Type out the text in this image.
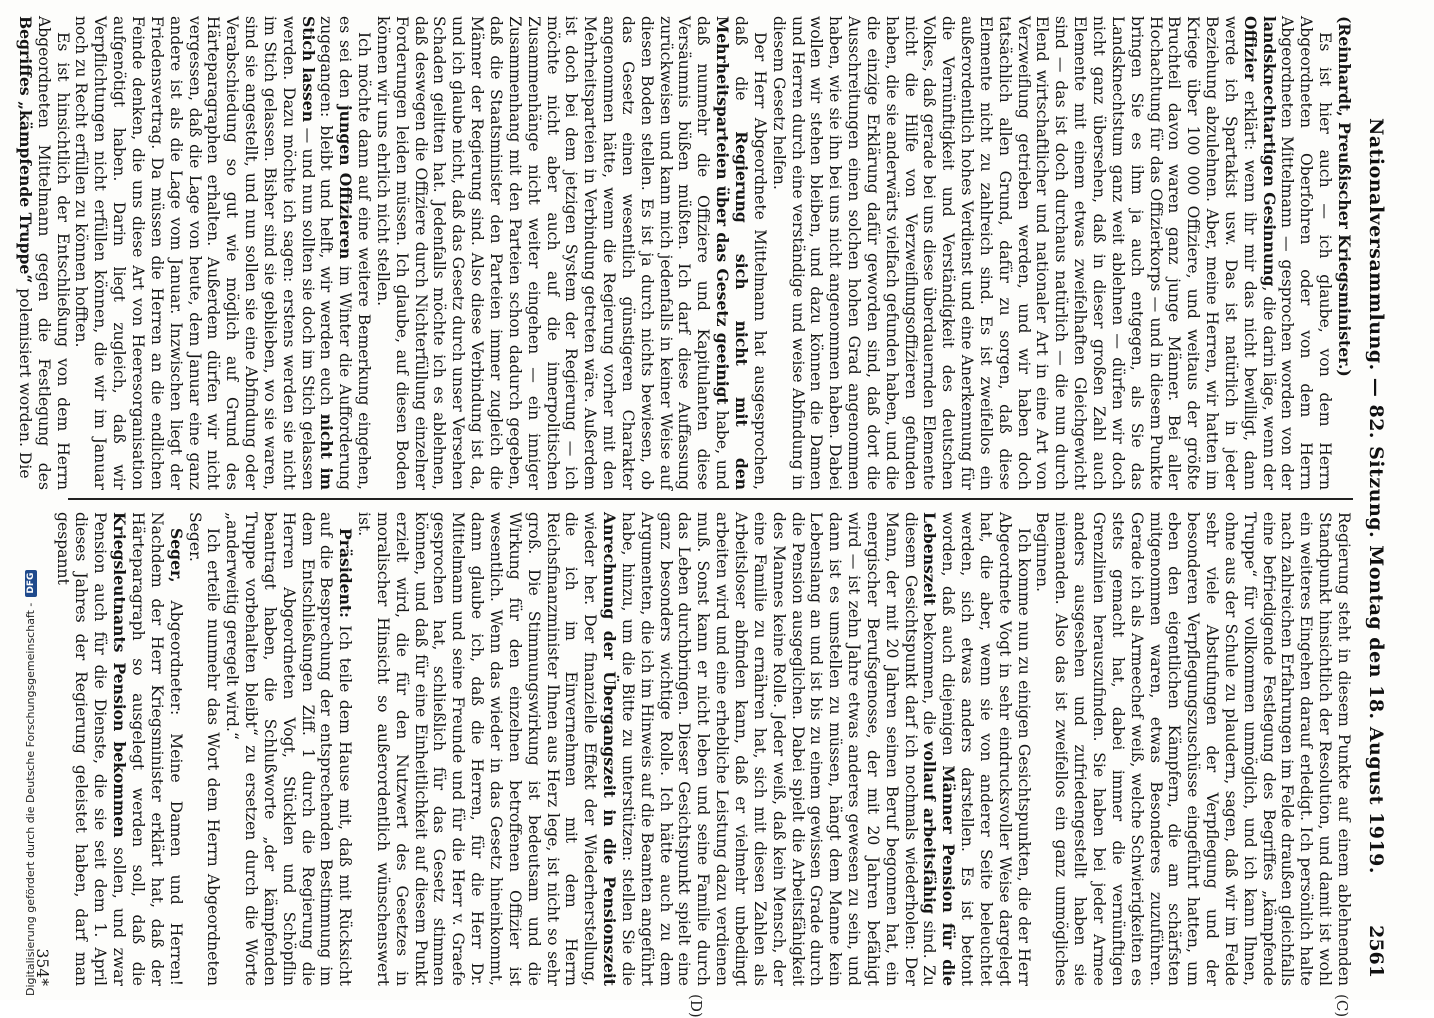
Nationalversammlung. — 82. Sitzung. Montag den 18. August 1919.
2561
(C)
(D)

(Reinhardt, Preußischer Kriegsminister.)

Es ist hier auch — ich glaube, von dem Herrn Abgeordneten Oberfohren oder von dem Herrn Abgeordneten Mittelmann — gesprochen worden von der landsknechtartigen Gesinnung, die darin läge, wenn der Offizier erklärt: wenn ihr mir das nicht bewilligt, dann werde ich Spartakist usw. Das ist natürlich in jeder Beziehung abzulehnen. Aber, meine Herren, wir hatten im Kriege über 100 000 Offiziere, und weitaus der größte Bruchteil davon waren ganz junge Männer. Bei aller Hochachtung für das Offizierkorps — und in diesem Punkte bringen Sie es ihm ja auch entgegen, als Sie das Landsknechtstum ganz weit ablehnen — dürfen wir doch nicht ganz übersehen, daß in dieser großen Zahl auch Elemente mit einem etwas zweifelhaften Gleichgewicht sind — das ist doch durchaus natürlich — die nun durch Elend wirtschaftlicher und nationaler Art in eine Art von Verzweiflung getrieben werden, und wir haben doch tatsächlich allen Grund, dafür zu sorgen, daß diese Elemente nicht zu zahlreich sind. Es ist zweifellos ein außerordentlich hohes Verdienst und eine Anerkennung für die Vernünftigkeit und Verständigkeit des deutschen Volkes, daß gerade bei uns diese überdauernden Elemente nicht die Hilfe von Verzweiflungsoffizieren gefunden haben, die sie anderwärts vielfach gefunden haben, und die die einzige Erklärung dafür geworden sind, daß dort die Ausschreitungen einen solchen hohen Grad angenommen haben, wie sie ihn bei uns nicht angenommen haben. Dabei wollen wir stehen bleiben, und dazu können die Damen und Herren durch eine verständige und weise Abfindung in diesem Gesetz helfen.

Der Herr Abgeordnete Mittelmann hat ausgesprochen, daß die Regierung sich nicht mit den Mehrheitsparteien über das Gesetz geeinigt habe, und daß nunmehr die Offiziere und Kapitulanten diese Versäumnis büßen müßten. Ich darf diese Auffassung zurückweisen und kann mich jedenfalls in keiner Weise auf diesen Boden stellen. Es ist ja durch nichts bewiesen, ob das Gesetz einen wesentlich günstigeren Charakter angenommen hätte, wenn die Regierung vorher mit den Mehrheitsparteien in Verbindung getreten wäre. Außerdem ist doch bei dem jetzigen System der Regierung — ich möchte nicht aber auch auf die innerpolitischen Zusammenhänge nicht weiter eingehen — ein inniger Zusammenhang mit den Parteien schon dadurch gegeben, daß die Staatsminister den Parteien immer zugleich die Männer der Regierung sind. Also diese Verbindung ist da, und ich glaube nicht, daß das Gesetz durch unser Versehen Schaden gelitten hat. Jedenfalls möchte ich es ablehnen, daß deswegen die Offiziere durch Nichterfüllung einzelner Forderungen leiden müssen. Ich glaube, auf diesen Boden können wir uns ehrlich nicht stellen.

Ich möchte dann auf eine weitere Bemerkung eingehen, es sei den jungen Offizieren im Winter die Aufforderung zugegangen: bleibt und helft, wir werden euch nicht im Stich lassen — und nun sollten sie doch im Stich gelassen werden. Dazu möchte ich sagen: erstens werden sie nicht im Stich gelassen. Bisher sind sie geblieben, wo sie waren, sind sie angestellt, und nun sollen sie eine Abfindung oder Verabschiedung so gut wie möglich auf Grund des Härteparagraphen erhalten. Außerdem dürfen wir nicht vergessen, daß die Lage von heute, dem Januar eine ganz andere ist als die Lage vom Januar. Inzwischen liegt der Friedensvertrag. Da müssen die Herren an die endlichen Feinde denken, die uns diese Art von Heeresorganisation aufgenötigt haben. Darin liegt zugleich, daß wir Verpflichtungen nicht erfüllen können, die wir im Januar noch zu Recht erfüllen zu können hofften.

Es ist hinsichtlich der Entschließung von dem Herrn Abgeordneten Mittelmann gegen die Festlegung des Begriffes „kämpfende Truppe“ polemisiert worden. Die

Regierung steht in diesem Punkte auf einem ablehnenden Standpunkt hinsichtlich der Resolution, und damit ist wohl ein weiteres Eingehen darauf erledigt. Ich persönlich halte nach zahlreichen Erfahrungen im Felde draußen gleichfalls eine befriedigende Festlegung des Begriffes „kämpfende Truppe“ für vollkommen unmöglich, und ich kann Ihnen, ohne aus der Schule zu plaudern, sagen, daß wir im Felde sehr viele Abstufungen der Verpflegung und der besonderen Verpflegungszuschüsse eingeführt hatten, um eben den eigentlichen Kämpfern, die am schärfsten mitgenommen waren, etwas Besonderes zuzuführen. Gerade ich als Armeechef weiß, welche Schwierigkeiten es stets gemacht hat, dabei immer die vernünftigen Grenzlinien herauszufinden. Sie haben bei jeder Armee anders ausgesehen und zufriedengestellt haben sie niemanden. Also das ist zweifellos ein ganz unmögliches Beginnen.

Ich komme nun zu einigen Gesichtspunkten, die der Herr Abgeordnete Vogt in sehr eindrucksvoller Weise dargelegt hat, die aber, wenn sie von anderer Seite beleuchtet werden, sich etwas anders darstellen. Es ist betont worden, daß auch diejenigen Männer Pension für die Lebenszeit bekommen, die vollauf arbeitsfähig sind. Zu diesem Gesichtspunkt darf ich nochmals wiederholen: Der Mann, der mit 20 Jahren seinen Beruf begonnen hat, ein energischer Berufsgenosse, der mit 20 Jahren befähigt wird — ist zehn Jahre etwas anderes gewesen zu sein, und dann ist es umstellen zu müssen, hängt dem Manne kein Lebenslang an und ist bis zu einem gewissen Grade durch die Pension ausgeglichen. Dabei spielt die Arbeitsfähigkeit des Mannes keine Rolle. Jeder weiß, daß kein Mensch, der eine Familie zu ernähren hat, sich mit diesen Zahlen als Arbeitsloser abfinden kann, daß er vielmehr unbedingt arbeiten wird und eine erhebliche Leistung dazu verdienen muß. Sonst kann er nicht leben und seine Familie durch das Leben durchbringen. Dieser Gesichtspunkt spielt eine ganz besonders wichtige Rolle. Ich hätte auch zu dem Argumenten, die ich im Hinweis auf die Beamten angeführt habe, hinzu, um die Bitte zu unterstützen: stellen Sie die Anrechnung der Übergangszeit in die Pensionszeit wieder her. Der finanzielle Effekt der Wiederherstellung, die ich im Einvernehmen mit dem Herrn Reichsfinanzminister Ihnen aus Herz lege, ist nicht so sehr groß. Die Stimmungswirkung ist bedeutsam und die Wirkung für den einzelnen betroffenen Offizier ist wesentlich. Wenn das wieder in das Gesetz hineinkommt, dann glaube ich, daß die Herren, für die Herr Dr. Mittelmann und seine Freunde und für die Herr v. Graefe gesprochen hat, schließlich für das Gesetz stimmen können, und daß für eine Einheitlichkeit auf diesem Punkt erzielt wird, die für den Nutzwert des Gesetzes in moralischer Hinsicht so außerordentlich wünschenswert ist.

Präsident: Ich teile dem Hause mit, daß mit Rücksicht auf die Besprechung der entsprechenden Bestimmung im dem Entschließungen Ziff. 1 durch die Regierung die Herren Abgeordneten Vogt, Stücklen und Schöpflin beantragt haben, die Schlußworte „der kämpfenden Truppe vorbehalten bleibt“ zu ersetzen durch die Worte „anderweitig geregelt wird.“

Ich erteile nunmehr das Wort dem Herrn Abgeordneten Seger.

Seger, Abgeordneter: Meine Damen und Herren! Nachdem der Herr Kriegsminister erklärt hat, daß der Härteparagraph so ausgelegt werden soll, daß die Kriegsleutnants Pension bekommen sollen, und zwar Pension auch für die Dienste, die sie seit dem 1. April dieses Jahres der Regierung geleistet haben, darf man gespannt

354*

Digitalisierung gefördert durch die Deutsche Forschungsgemeinschaft -
DFG
